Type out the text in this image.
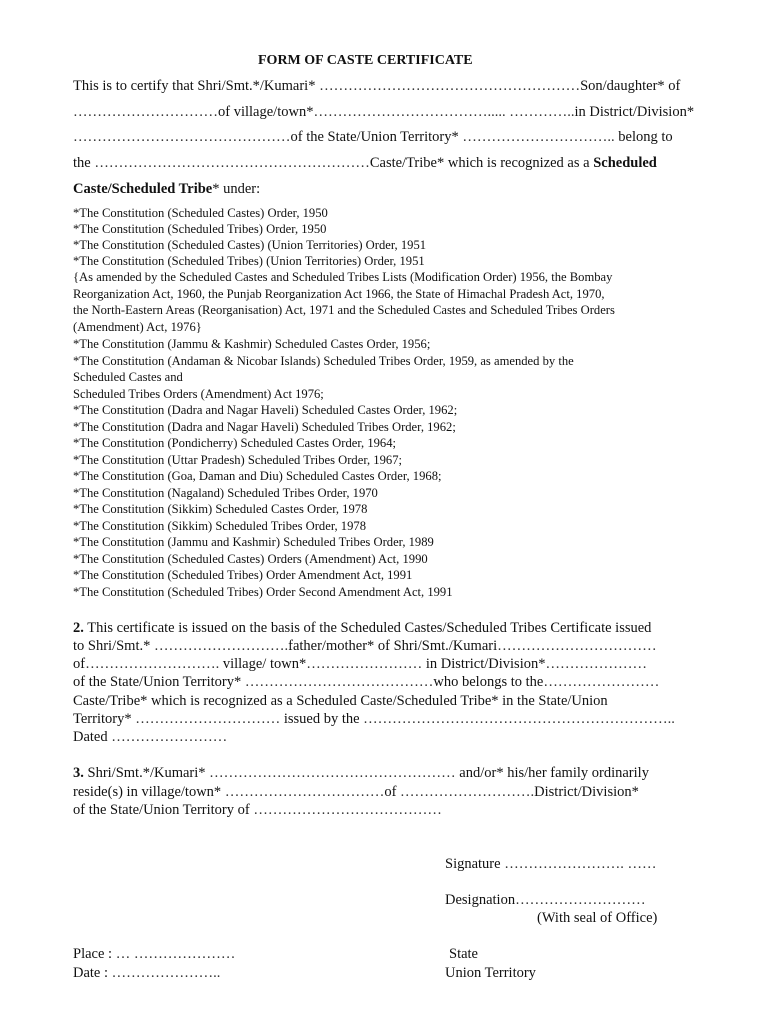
FORM OF CASTE CERTIFICATE
This is to certify that Shri/Smt.*/Kumari* ………………………………………………Son/daughter* of
…………………………of village/town*………………………………..... …………..in District/Division*
………………………………………of the State/Union Territory* ………………………….. belong to
the …………………………………………………Caste/Tribe* which is recognized as a Scheduled
Caste/Scheduled Tribe* under:
*The Constitution (Scheduled Castes) Order, 1950
*The Constitution (Scheduled Tribes) Order, 1950
*The Constitution (Scheduled Castes) (Union Territories) Order, 1951
*The Constitution (Scheduled Tribes) (Union Territories) Order, 1951
{As amended by the Scheduled Castes and Scheduled Tribes Lists (Modification Order) 1956, the Bombay
Reorganization Act, 1960, the Punjab Reorganization Act 1966, the State of Himachal Pradesh Act, 1970,
the North-Eastern Areas (Reorganisation) Act, 1971 and the Scheduled Castes and Scheduled Tribes Orders
(Amendment) Act, 1976}
*The Constitution (Jammu & Kashmir) Scheduled Castes Order, 1956;
*The Constitution (Andaman & Nicobar Islands) Scheduled Tribes Order, 1959, as amended by the
Scheduled Castes and
Scheduled Tribes Orders (Amendment) Act 1976;
*The Constitution (Dadra and Nagar Haveli) Scheduled Castes Order, 1962;
*The Constitution (Dadra and Nagar Haveli) Scheduled Tribes Order, 1962;
*The Constitution (Pondicherry) Scheduled Castes Order, 1964;
*The Constitution (Uttar Pradesh) Scheduled Tribes Order, 1967;
*The Constitution (Goa, Daman and Diu) Scheduled Castes Order, 1968;
*The Constitution (Nagaland) Scheduled Tribes Order, 1970
*The Constitution (Sikkim) Scheduled Castes Order, 1978
*The Constitution (Sikkim) Scheduled Tribes Order, 1978
*The Constitution (Jammu and Kashmir) Scheduled Tribes Order, 1989
*The Constitution (Scheduled Castes) Orders (Amendment) Act, 1990
*The Constitution (Scheduled Tribes) Order Amendment Act, 1991
*The Constitution (Scheduled Tribes) Order Second Amendment Act, 1991
2. This certificate is issued on the basis of the Scheduled Castes/Scheduled Tribes Certificate issued
to Shri/Smt.* ……………………….father/mother* of Shri/Smt./Kumari……………………………
of………………………. village/ town*…………………… in District/Division*…………………
of the State/Union Territory* …………………………………who belongs to the……………………
Caste/Tribe* which is recognized as a Scheduled Caste/Scheduled Tribe* in the State/Union
Territory* ………………………… issued by the ………………………………………………………..
Dated ……………………
3. Shri/Smt.*/Kumari* …………………………………………… and/or* his/her family ordinarily
reside(s) in village/town* ……………………………of ……………………….District/Division*
of the State/Union Territory of …………………………………
Signature ……………………. ……
Designation………………………
(With seal of Office)
Place : … …………………
Date : …………………..
State
Union Territory
